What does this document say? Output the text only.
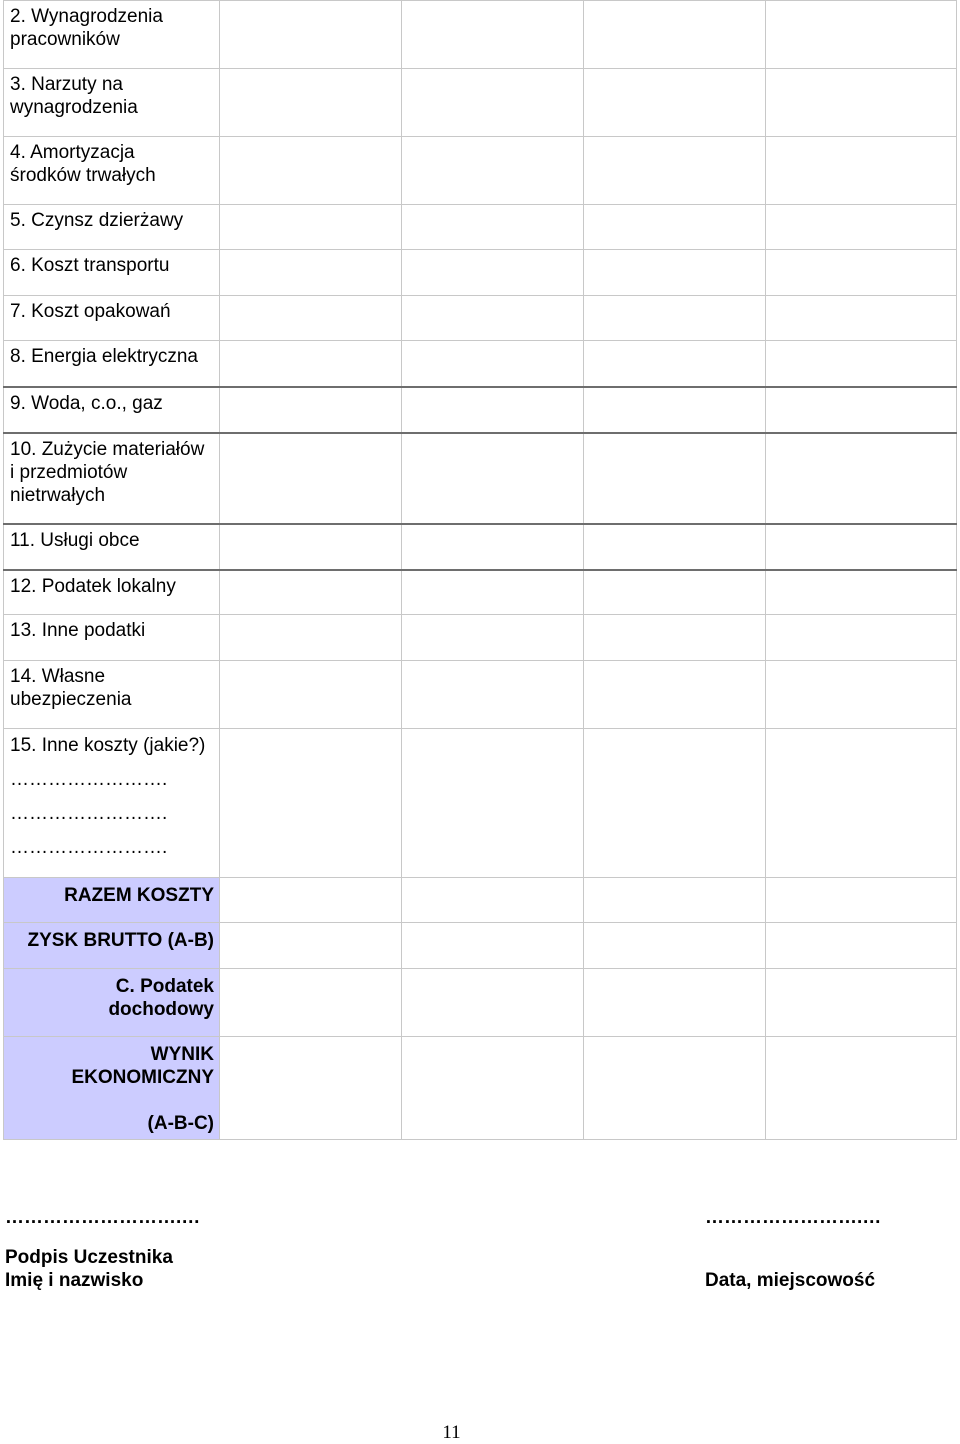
2. Wynagrodzenia
pracowników				
3. Narzuty na
wynagrodzenia				
4. Amortyzacja
środków trwałych				
5. Czynsz dzierżawy				
6. Koszt transportu				
7. Koszt opakowań				
8. Energia elektryczna				
9. Woda, c.o., gaz				
10. Zużycie materiałów
i przedmiotów
nietrwałych				
11. Usługi obce				
12. Podatek lokalny				
13. Inne podatki				
14. Własne
ubezpieczenia				
15. Inne koszty (jakie?)
…………………….
…………………….
…………………….				
RAZEM KOSZTY				
ZYSK BRUTTO (A-B)				
C. Podatek
dochodowy				
WYNIK
EKONOMICZNY

(A-B-C)				
……………………….…
Podpis Uczestnika
Imię i nazwisko
…………………….…
Data, miejscowość
11
